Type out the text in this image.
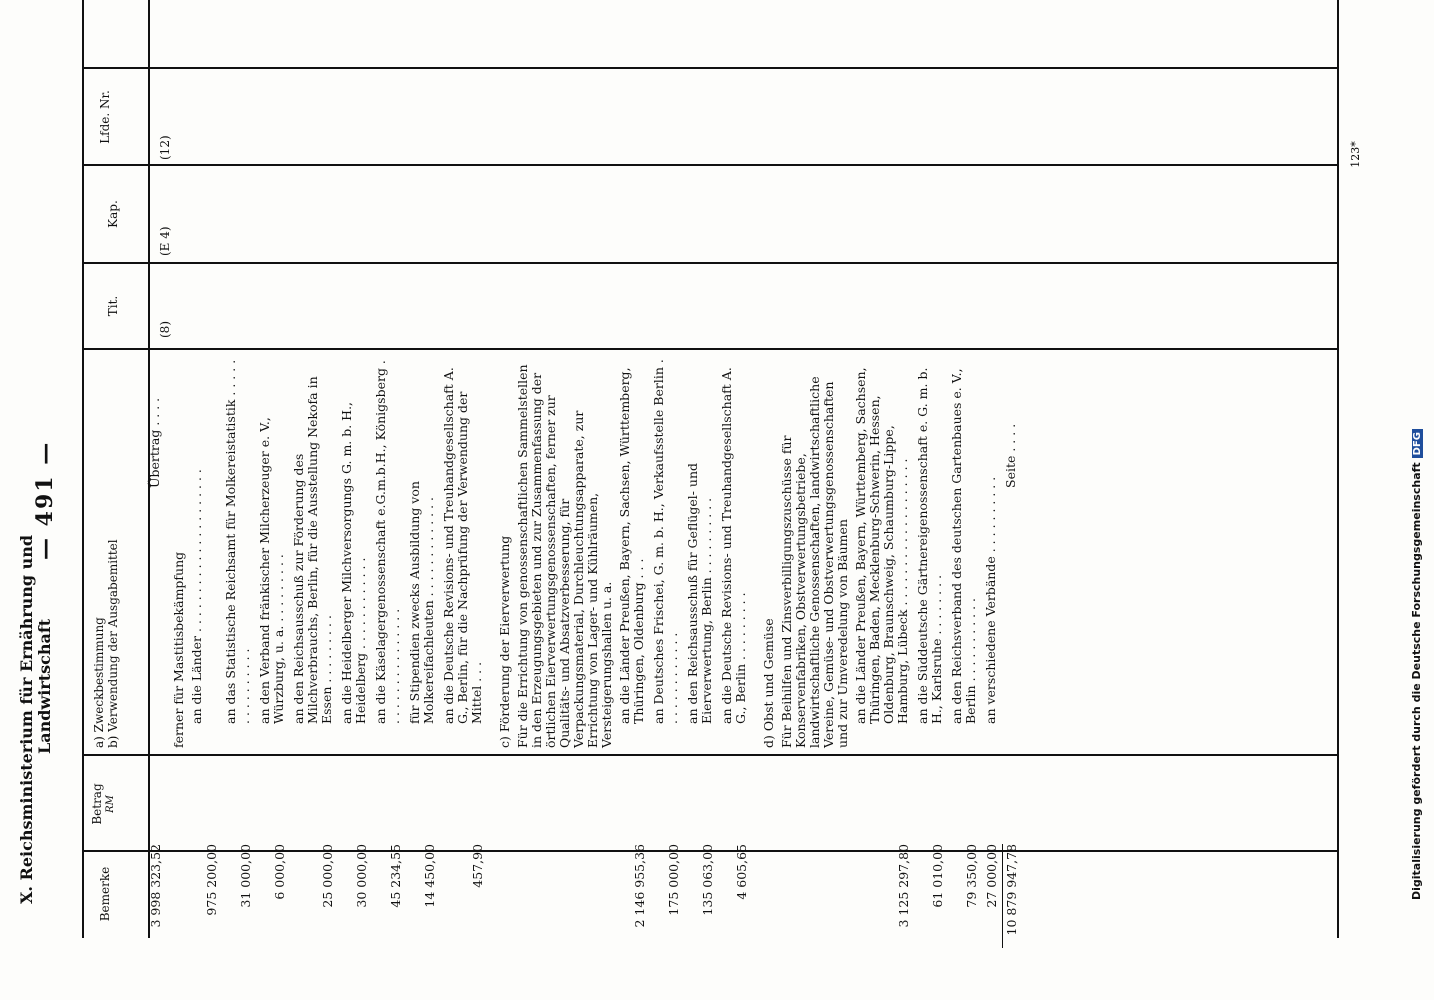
X. Reichsministerium für Ernährung und Landwirtschaft
— 491 —
Bemerke
Betrag RM
a) Zweckbestimmung b) Verwendung der Ausgabemittel
Tit.
Kap.
Lfde. Nr.
(12)
(E 4)
(8)
Übertrag . . . .
3 998 323,52
ferner für Mastitisbekämpfung an die Länder . . . . . . . . . . . . . . . . . . . . .
975 200,00
an das Statistische Reichsamt für Molkereistatistik . . . . . . . . . . . . . . .
31 000,00
an den Verband fränkischer Milcherzeuger e. V., Würzburg, u. a. . . . . . . . . .
6 000,00
an den Reichsausschuß zur Förderung des Milchverbrauchs, Berlin, für die Ausstellung Nekofa in Essen . . . . . . . . .
25 000,00
an die Heidelberger Milchversorgungs G. m. b. H., Heidelberg . . . . . . . . . . . .
30 000,00
an die Käselagergenossenschaft e.G.m.b.H., Königsberg . . . . . . . . . . . . . . . .
45 234,55
für Stipendien zwecks Ausbildung von Molkereifachleuten . . . . . . . . . . . . .
14 450,00
an die Deutsche Revisions- und Treuhandgesellschaft A. G., Berlin, für die Nachprüfung der Verwendung der Mittel . . .
457,90
c) Förderung der Eierverwertung Für die Errichtung von genossenschaftlichen Sammelstellen in den Erzeugungsgebieten und zur Zusammenfassung der örtlichen Eierverwertungsgenossenschaften, ferner zur Qualitäts- und Absatzverbesserung, für Verpackungsmaterial, Durchleuchtungsapparate, zur Errichtung von Lager- und Kühlräumen, Versteigerungshallen u. a. an die Länder Preußen, Bayern, Sachsen, Württemberg, Thüringen, Oldenburg . . .
2 146 955,36
an Deutsches Frischei, G. m. b. H., Verkaufsstelle Berlin . . . . . . . . . . . . .
175 000,00
an den Reichsausschuß für Geflügel- und Eierverwertung, Berlin . . . . . . . . . .
135 063,00
an die Deutsche Revisions- und Treuhandgesellschaft A. G., Berlin . . . . . . . . .
4 605,65
d) Obst und Gemüse Für Beihilfen und Zinsverbilligungszuschüsse für Konservenfabriken, Obstverwertungsbetriebe, landwirtschaftliche Genossenschaften, landwirtschaftliche Vereine, Gemüse- und Obstverwertungsgenossenschaften und zur Umveredelung von Bäumen an die Länder Preußen, Bayern, Württemberg, Sachsen, Thüringen, Baden, Mecklenburg-Schwerin, Hessen, Oldenburg, Braunschweig, Schaumburg-Lippe, Hamburg, Lübeck . . . . . . . . . . . . . . . . . . .
3 125 297,80
an die Süddeutsche Gärtnereigenossenschaft e. G. m. b. H., Karlsruhe . . . . . . . .
61 010,00
an den Reichsverband des deutschen Gartenbaues e. V., Berlin . . . . . . . . . . .
79 350,00
an verschiedene Verbände . . . . . . . . . .
27 000,00
Seite . . . .
10 879 947,78	Digitalisierung gefördert durch die Deutsche ForschungsgemeinschaftDFG
123*
